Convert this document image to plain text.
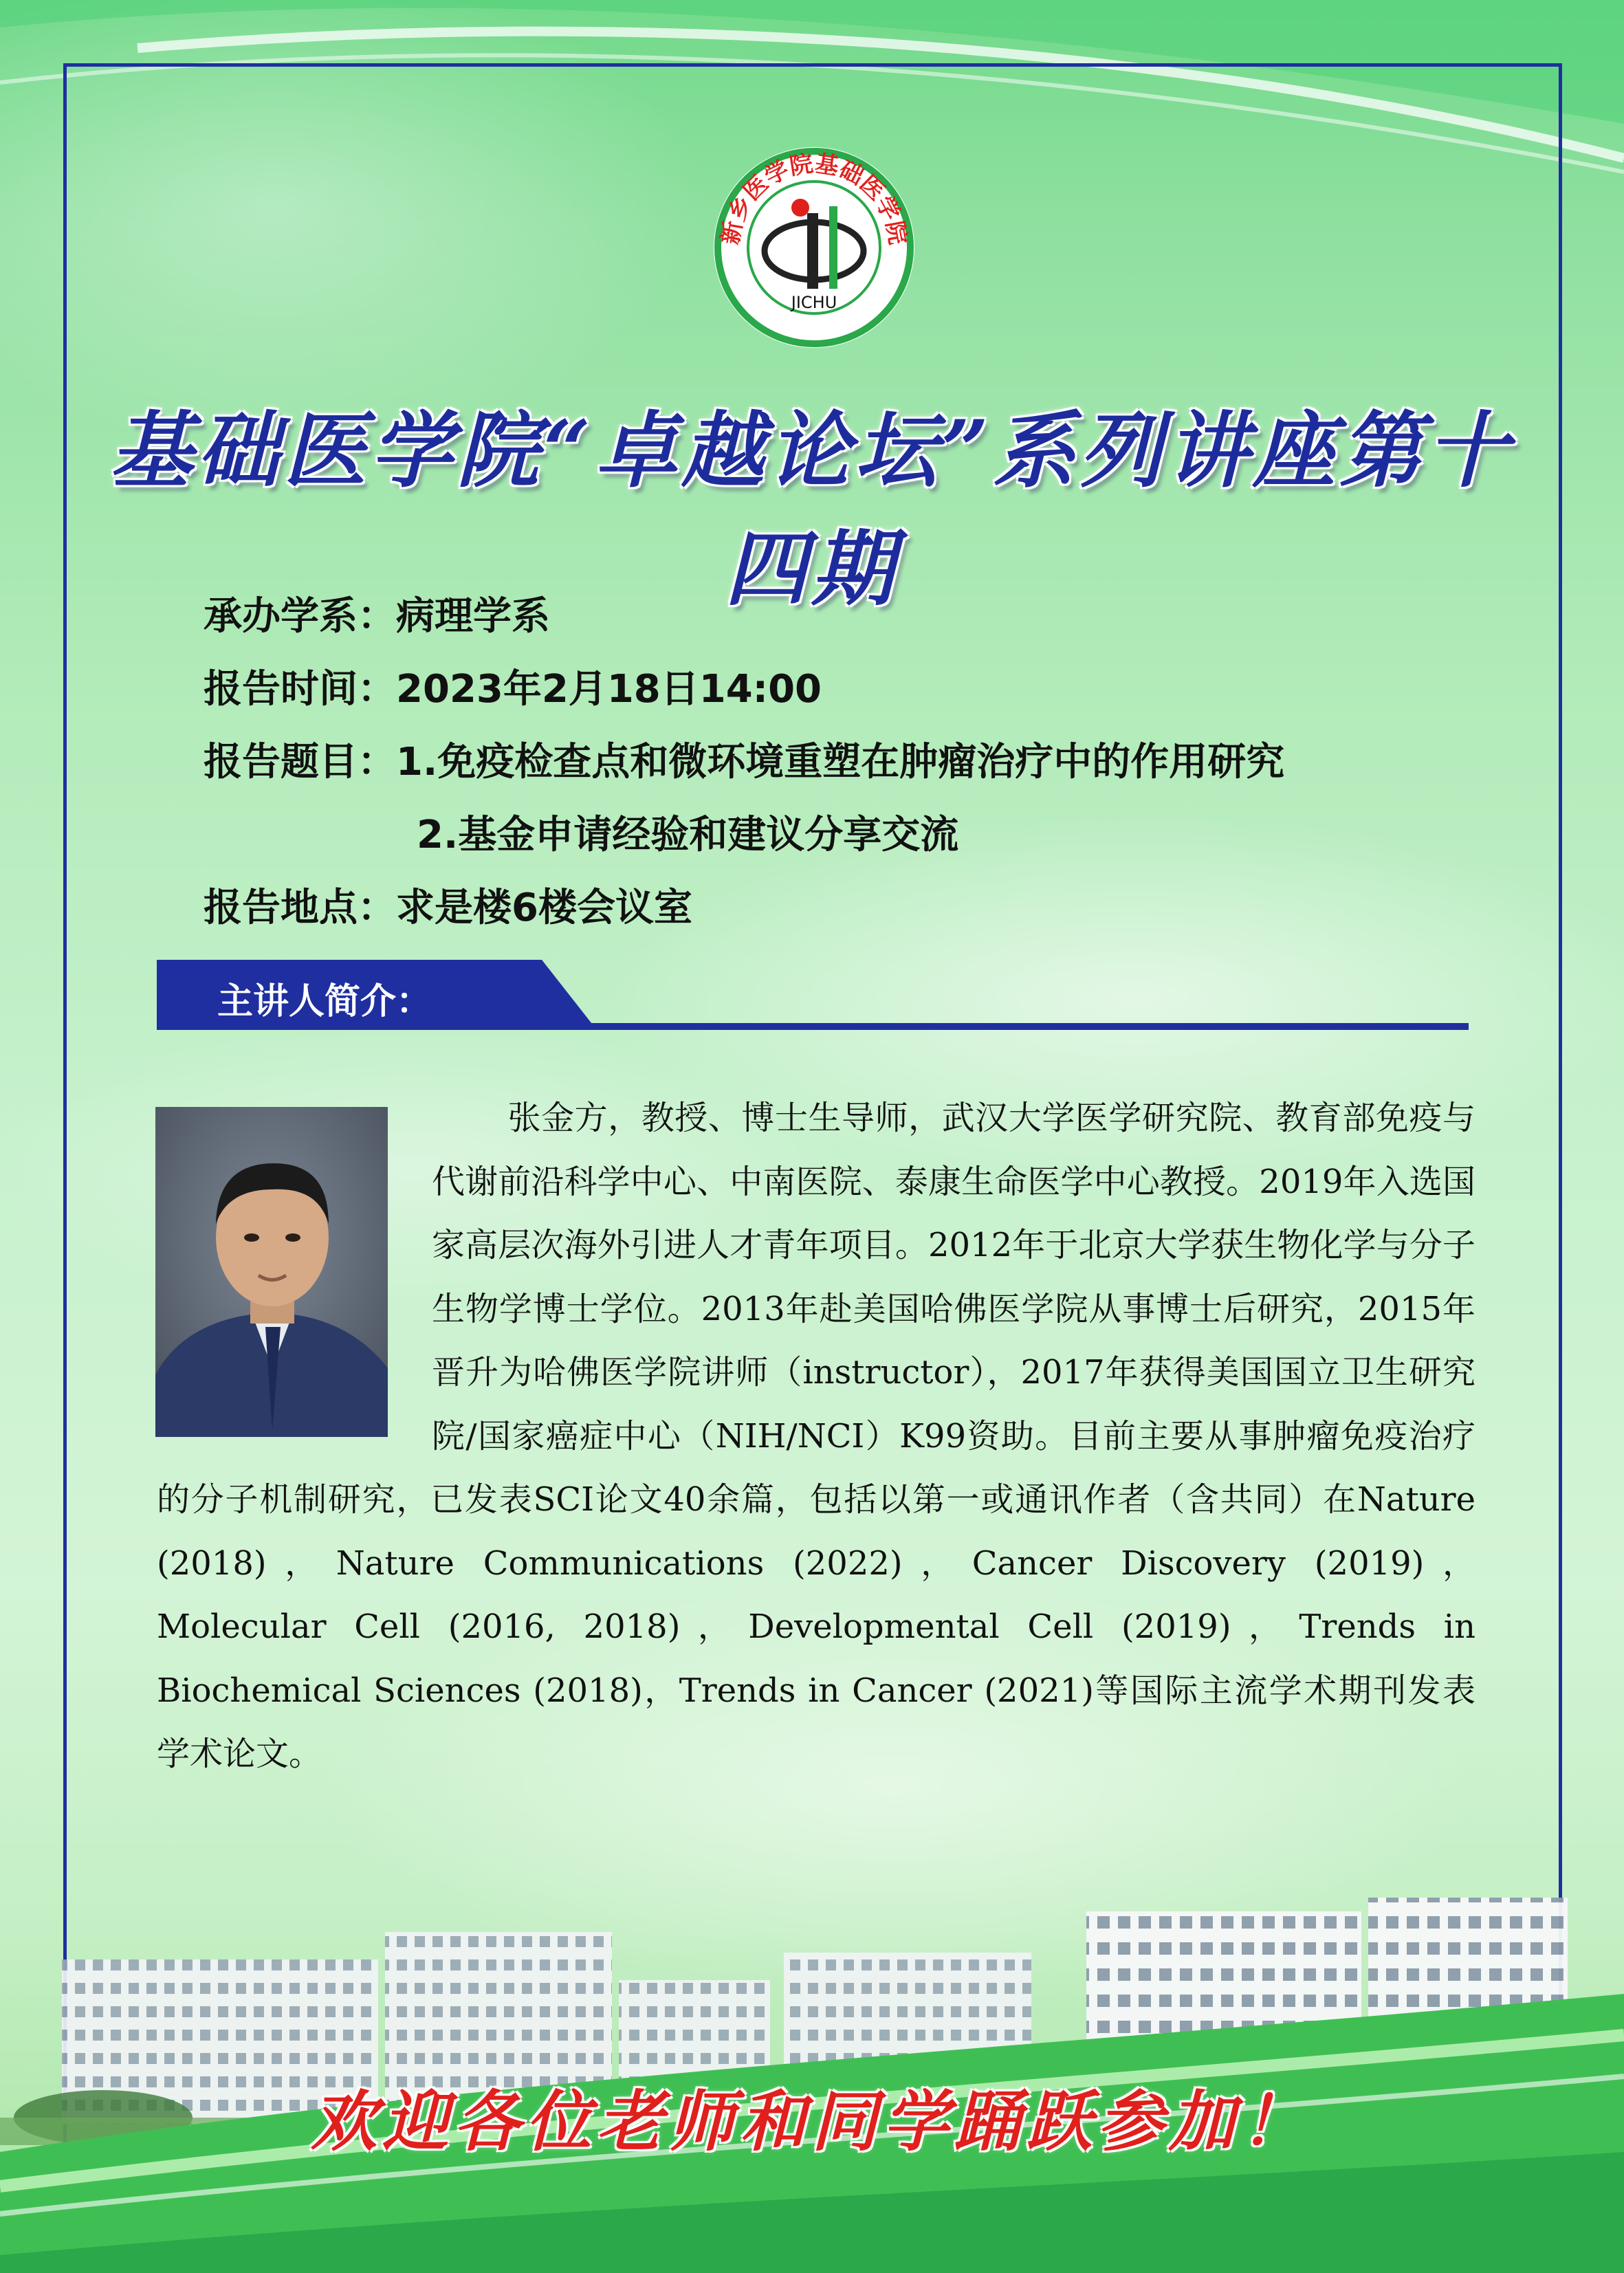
新乡医学院基础医学院
JICHU
基础医学院“卓越论坛”系列讲座第十四期
承办学系：病理学系
报告时间：2023年2月18日14:00
报告题目：1.免疫检查点和微环境重塑在肿瘤治疗中的作用研究
2.基金申请经验和建议分享交流
报告地点：求是楼6楼会议室
主讲人简介：
张金方，教授、博士生导师，武汉大学医学研究院、教育部免疫与代谢前沿科学中心、中南医院、泰康生命医学中心教授。2019年入选国家高层次海外引进人才青年项目。2012年于北京大学获生物化学与分子生物学博士学位。2013年赴美国哈佛医学院从事博士后研究，2015年晋升为哈佛医学院讲师（instructor），2017年获得美国国立卫生研究院/国家癌症中心（NIH/NCI）K99资助。目前主要从事肿瘤免疫治疗的分子机制研究，已发表SCI论文40余篇，包括以第一或通讯作者（含共同）在Nature (2018)，Nature Communications (2022)，Cancer Discovery (2019)， Molecular Cell (2016, 2018)，Developmental Cell (2019)，Trends in Biochemical Sciences (2018)，Trends in Cancer (2021)等国际主流学术期刊发表学术论文。
欢迎各位老师和同学踊跃参加！
